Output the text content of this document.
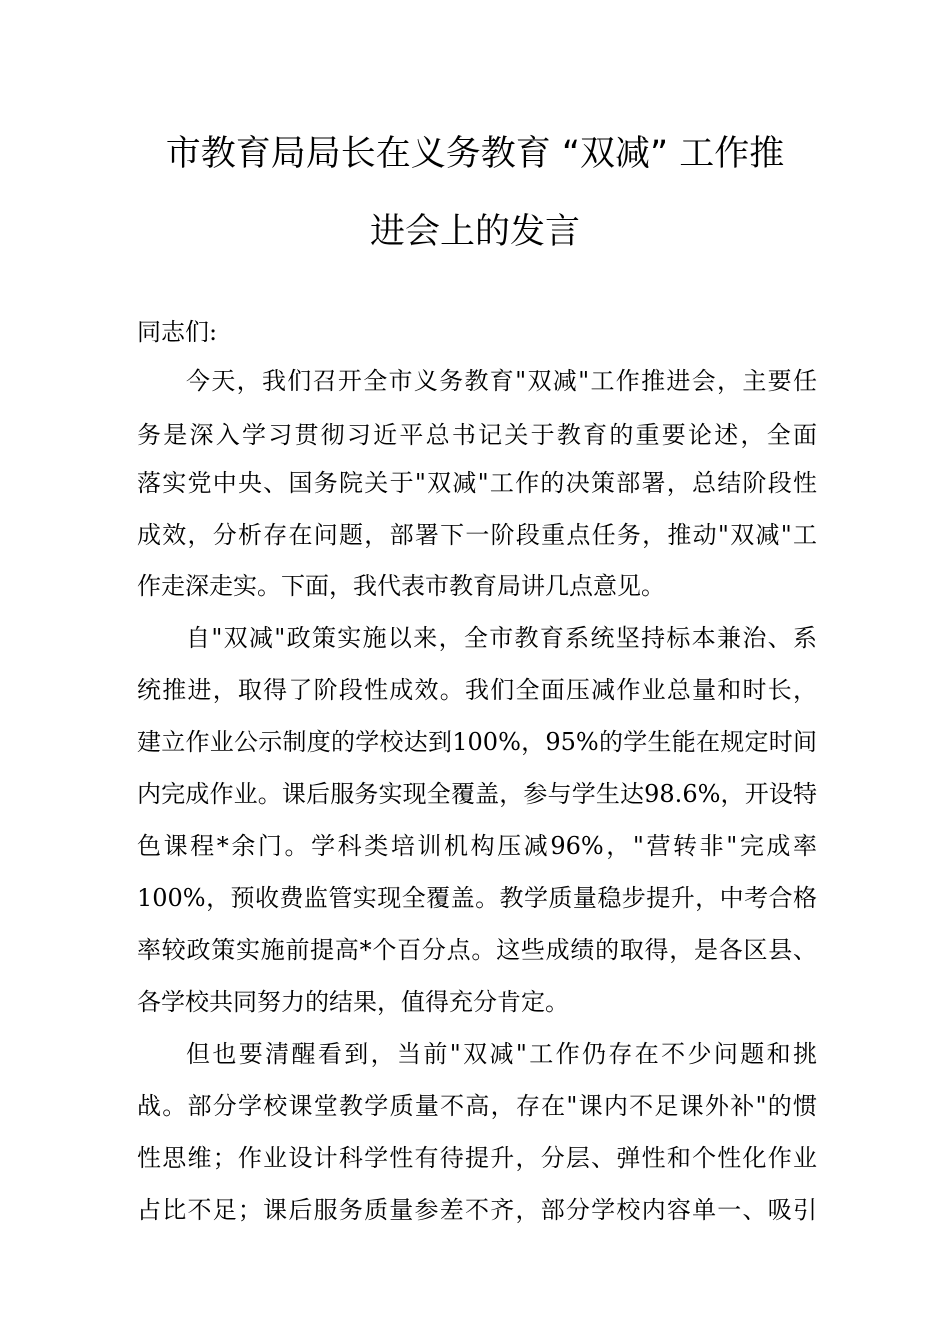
市教育局局长在义务教育 “双减” 工作推
进会上的发言
同志们:
今天，我们召开全市义务教育"双减"工作推进会，主要任
务是深入学习贯彻习近平总书记关于教育的重要论述，全面
落实党中央、国务院关于"双减"工作的决策部署，总结阶段性
成效，分析存在问题，部署下一阶段重点任务，推动"双减"工
作走深走实。下面，我代表市教育局讲几点意见。
自"双减"政策实施以来，全市教育系统坚持标本兼治、系
统推进，取得了阶段性成效。我们全面压减作业总量和时长，
建立作业公示制度的学校达到100%，95%的学生能在规定时间
内完成作业。课后服务实现全覆盖，参与学生达98.6%，开设特
色课程*余门。学科类培训机构压减96%，"营转非"完成率
100%，预收费监管实现全覆盖。教学质量稳步提升，中考合格
率较政策实施前提高*个百分点。这些成绩的取得，是各区县、
各学校共同努力的结果，值得充分肯定。
但也要清醒看到，当前"双减"工作仍存在不少问题和挑
战。部分学校课堂教学质量不高，存在"课内不足课外补"的惯
性思维；作业设计科学性有待提升，分层、弹性和个性化作业
占比不足；课后服务质量参差不齐，部分学校内容单一、吸引
